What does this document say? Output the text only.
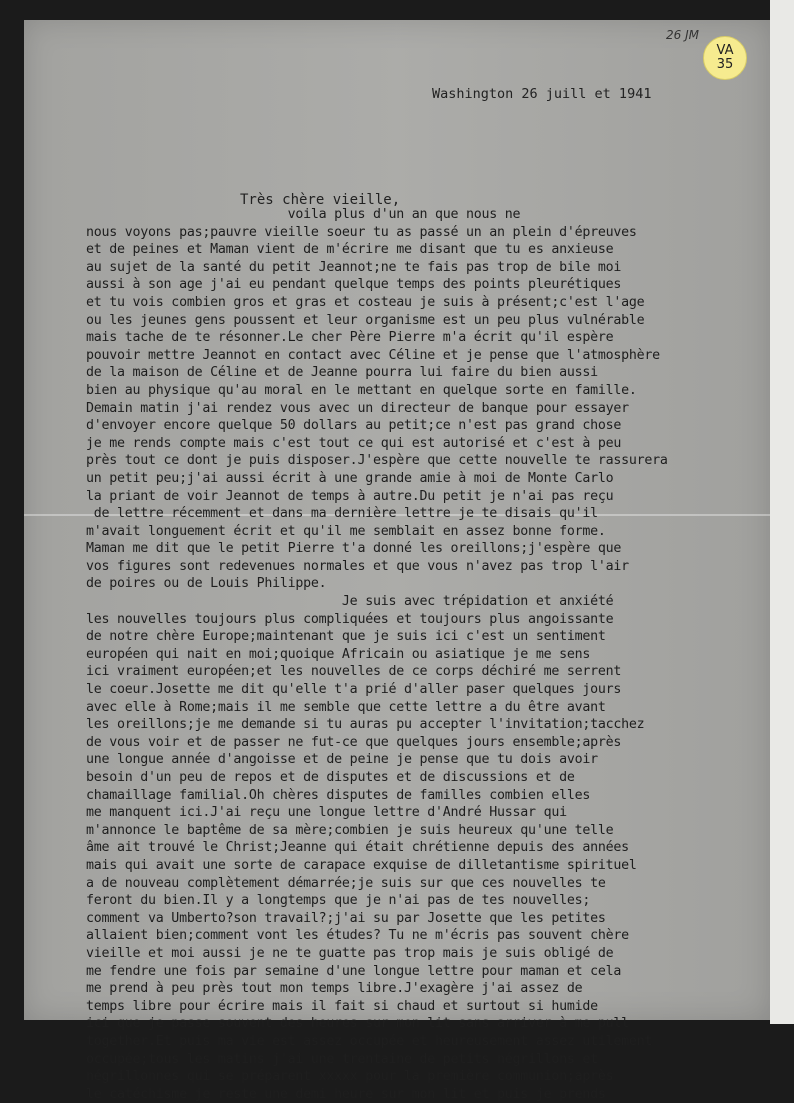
26 JM
VA
35
Washington 26 juill et 1941
Très chère vieille,
voila plus d'un an que nous ne
nous voyons pas;pauvre vieille soeur tu as passé un an plein d'épreuves
et de peines et Maman vient de m'écrire me disant que tu es anxieuse
au sujet de la santé du petit Jeannot;ne te fais pas trop de bile moi
aussi à son age j'ai eu pendant quelque temps des points pleurétiques
et tu vois combien gros et gras et costeau je suis à présent;c'est l'age
ou les jeunes gens poussent et leur organisme est un peu plus vulnérable
mais tache de te résonner.Le cher Père Pierre m'a écrit qu'il espère
pouvoir mettre Jeannot en contact avec Céline et je pense que l'atmosphère
de la maison de Céline et de Jeanne pourra lui faire du bien aussi
bien au physique qu'au moral en le mettant en quelque sorte en famille.
Demain matin j'ai rendez vous avec un directeur de banque pour essayer
d'envoyer encore quelque 50 dollars au petit;ce n'est pas grand chose
je me rends compte mais c'est tout ce qui est autorisé et c'est à peu
près tout ce dont je puis disposer.J'espère que cette nouvelle te rassurera
un petit peu;j'ai aussi écrit à une grande amie à moi de Monte Carlo
la priant de voir Jeannot de temps à autre.Du petit je n'ai pas reçu
de lettre récemment et dans ma dernière lettre je te disais qu'il
m'avait longuement écrit et qu'il me semblait en assez bonne forme.
Maman me dit que le petit Pierre t'a donné les oreillons;j'espère que
vos figures sont redevenues normales et que vous n'avez pas trop l'air
de poires ou de Louis Philippe.
Je suis avec trépidation et anxiété
les nouvelles toujours plus compliquées et toujours plus angoissante
de notre chère Europe;maintenant que je suis ici c'est un sentiment
européen qui nait en moi;quoique Africain ou asiatique je me sens
ici vraiment européen;et les nouvelles de ce corps déchiré me serrent
le coeur.Josette me dit qu'elle t'a prié d'aller paser quelques jours
avec elle à Rome;mais il me semble que cette lettre a du être avant
les oreillons;je me demande si tu auras pu accepter l'invitation;tacchez
de vous voir et de passer ne fut-ce que quelques jours ensemble;après
une longue année d'angoisse et de peine je pense que tu dois avoir
besoin d'un peu de repos et de disputes et de discussions et de
chamaillage familial.Oh chères disputes de familles combien elles
me manquent ici.J'ai reçu une longue lettre d'André Hussar qui
m'annonce le baptême de sa mère;combien je suis heureux qu'une telle
âme ait trouvé le Christ;Jeanne qui était chrétienne depuis des années
mais qui avait une sorte de carapace exquise de dilletantisme spirituel
a de nouveau complètement démarrée;je suis sur que ces nouvelles te
feront du bien.Il y a longtemps que je n'ai pas de tes nouvelles;
comment va Umberto?son travail?;j'ai su par Josette que les petites
allaient bien;comment vont les études? Tu ne m'écris pas souvent chère
vieille et moi aussi je ne te guatte pas trop mais je suis obligé de
me fendre une fois par semaine d'une longue lettre pour maman et cela
me prend à peu près tout mon temps libre.J'exagère j'ai assez de
temps libre pour écrire mais il fait si chaud et surtout si humide
ici que je passe souvent des heures sur mon lit sans arriver à me pull
together.Et puis ma vie est assez occupée et heureusement assez utilement
occupée;tous les matins j'ai une trentaine de petits négrillons et
négrillonnes qui se préparent xxxxx pour la première communion;après
le catéchisme je reste une demi heure sur mon lit et puis je prends
